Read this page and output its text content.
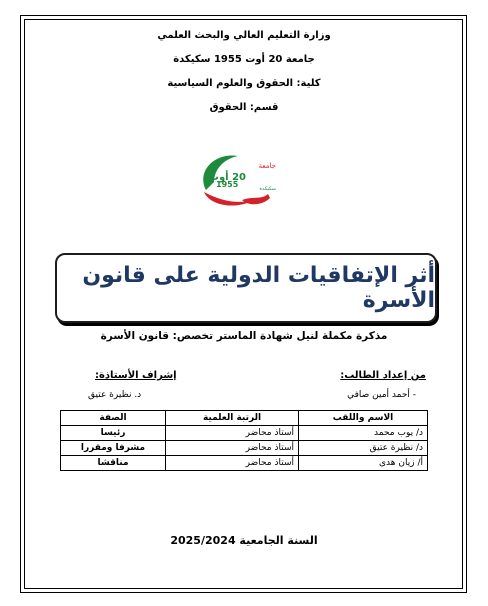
وزارة التعليم العالي والبحث العلمي
جامعة 20 أوت 1955 سكيكدة
كلية: الحقوق والعلوم السياسية
قسم: الحقوق
1955
20 أوت
جامعة
سكيكدة
أثر الإتفاقيات الدولية على قانون الأسرة
مذكرة مكملة لنيل شهادة الماستر تخصص: قانون الأسرة
من إعداد الطالب:
- أحمد أمين صافي
إشراف الأستاذة:
د. نظيرة عتيق
الاسم واللقب	الرتبة العلمية	الصفة
د/ يوب محمد	أستاذ محاضر	رئيسا
د/ نظيرة عتيق	أستاذ محاضر	مشرفا ومقررا
أ/ زيان هدى	أستاذ محاضر	مناقشا
السنة الجامعية 2025/2024
